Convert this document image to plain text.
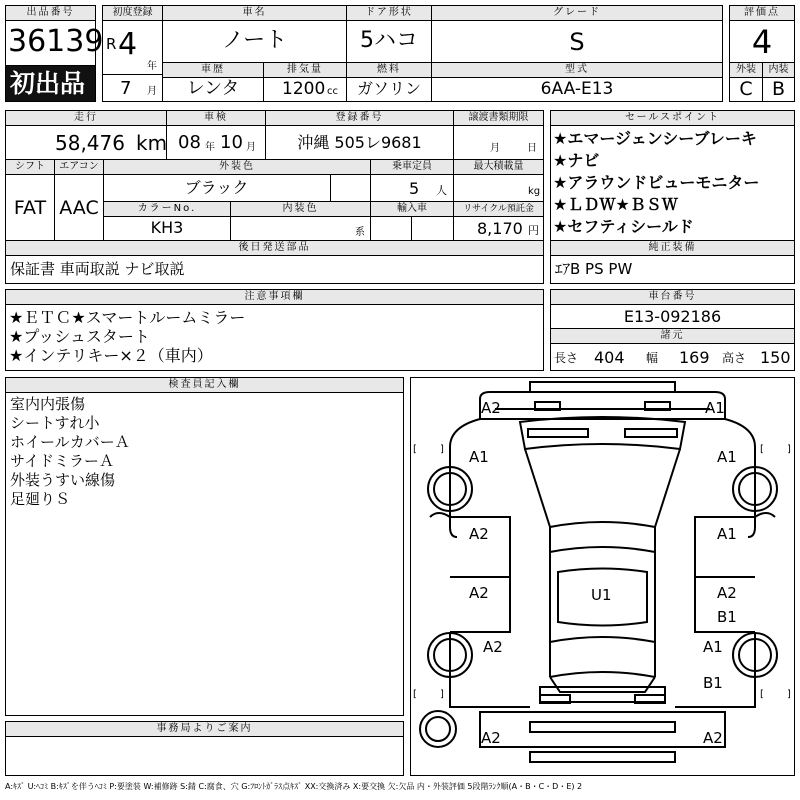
出品番号
36139
初出品
初度登録
R 4
年
7 月
車名
ノート
ドア形状
5ハコ
グレード
S
車歴
レンタ
排気量
1200 cc
燃料
ガソリン
型式
6AA-E13
評価点
4
外装	内装
C	B
走行
58,476 km
車検
08 年 10 月
登録番号
沖縄 505レ9681
譲渡書類期限
月	日
シフト	エアコン
FAT AAC
外装色
ブラック
乗車定員
5 人
最大積載量
kg
カラーNo.
KH3
内装色
系
輸入車	リサイクル預託金
8,170 円
セールスポイント
★エマージェンシーブレーキ
★ナビ
★アラウンドビューモニター
★ＬＤＷ★ＢＳＷ
★セフティシールド
後日発送部品
保証書 車両取説 ナビ取説
純正装備
ｴｱB PS PW
注意事項欄
★ＥＴＣ★スマートルームミラー
★プッシュスタート
★インテリキー×２（車内）
車台番号
E13-092186
諸元
長さ 404 幅 169 高さ 150
検査員記入欄
室内内張傷
シートすれ小
ホイールカバーＡ
サイドミラーＡ
外装うすい線傷
足廻りＳ
事務局よりご案内
[ ]	[ ]
[ ]	[ ]
A2	A1
A1	A1
A2	A1
A2	A2
B1
A2	A1
B1
U1
A2	A2
A:ｷｽﾞ U:ﾍｺﾐ B:ｷｽﾞを伴うﾍｺﾐ P:要塗装 W:補修跡 S:錆 C:腐食、穴 G:ﾌﾛﾝﾄｶﾞﾗｽ点ｷｽﾞ XX:交換済み X:要交換 欠:欠品 内・外装評価 5段階ﾗﾝｸ順(A・B・C・D・E) 2
